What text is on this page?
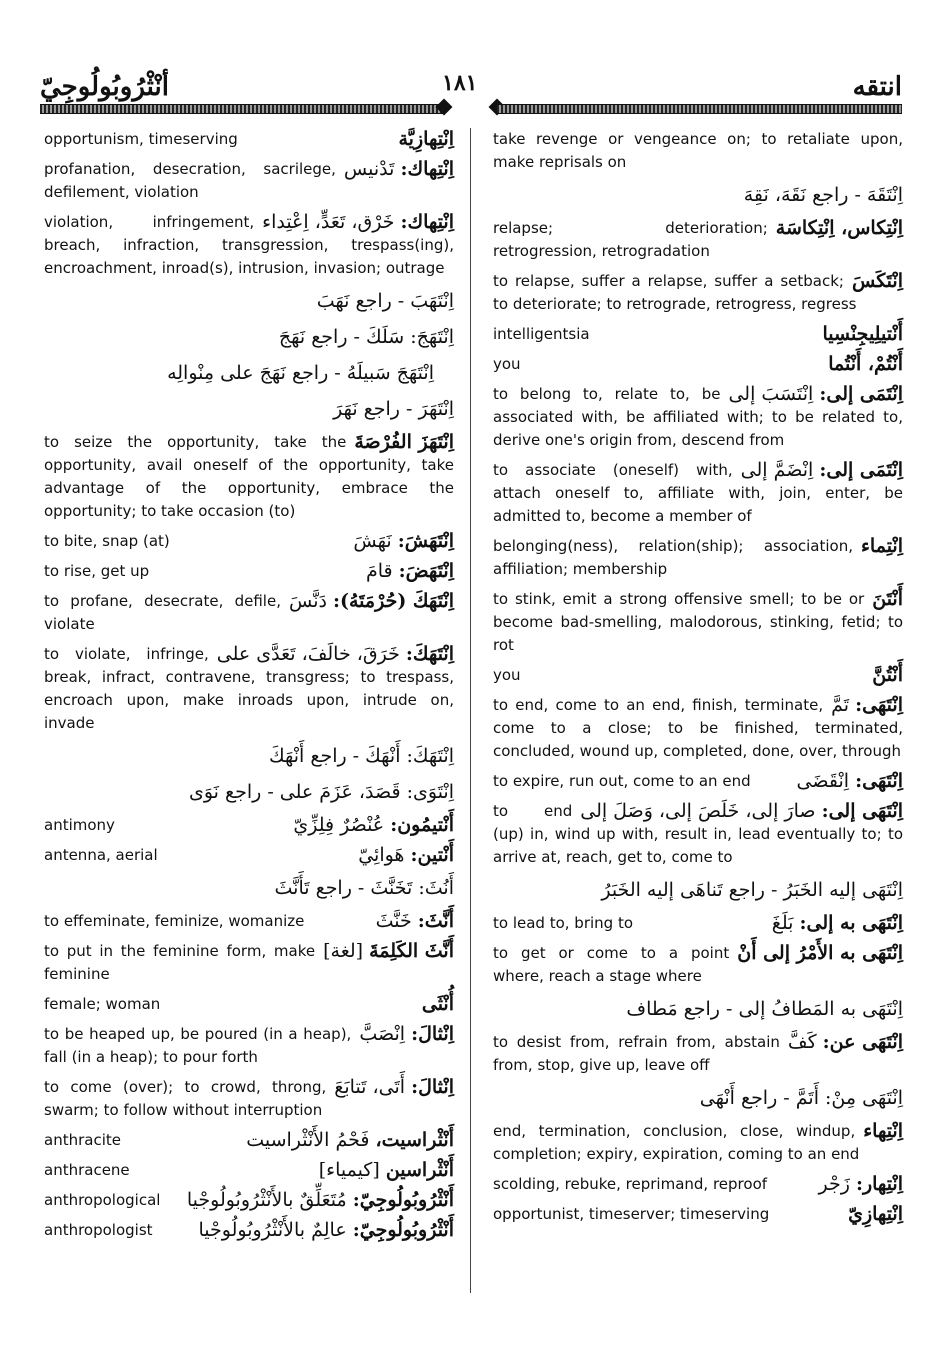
أنْثْرُوبُولُوجِيّ	١٨١	انتقه
اِنْتِهازِيَّة
opportunism, timeserving
اِنْتِهاك: تَدْنيس
profanation, desecration, sacrilege, defilement, violation
اِنْتِهاك: خَرْق، تَعَدٍّ، اِعْتِداء
violation, infringement, breach, infraction, transgression, trespass(ing), encroachment, inroad(s), intrusion, invasion; outrage
اِنْتَهَبَ - راجع نَهَبَ
اِنْتَهَجَ: سَلَكَ - راجع نَهَجَ
اِنْتَهَجَ سَبيلَهُ - راجع نَهَجَ على مِنْوالِه
اِنْتَهَرَ - راجع نَهَرَ
اِنْتَهَزَ الفُرْصَةَ
to seize the opportunity, take the opportunity, avail oneself of the opportunity, take advantage of the opportunity, embrace the opportunity; to take occasion (to)
اِنْتَهَشَ: نَهَشَ
to bite, snap (at)
اِنْتَهَضَ: قامَ
to rise, get up
اِنْتَهَكَ (حُرْمَتَهُ): دَنَّسَ
to profane, desecrate, defile, violate
اِنْتَهَكَ: خَرَقَ، خالَفَ، تَعَدَّى على
to violate, infringe, break, infract, contravene, transgress; to trespass, encroach upon, make inroads upon, intrude on, invade
اِنْتَهَكَ: أَنْهَكَ - راجع أَنْهَكَ
اِنْتَوَى: قَصَدَ، عَزَمَ على - راجع نَوَى
أَنْتيمُون: عُنْصُرٌ فِلِزِّيّ
antimony
أَنْتين: هَوائِيّ
antenna, aerial
أَنُثَ: تَخَنَّثَ - راجع تَأَنَّثَ
أَنَّثَ: خَنَّثَ
to effeminate, feminize, womanize
أَنَّثَ الكَلِمَةَ [لغة]
to put in the feminine form, make feminine
أُنْثَى
female; woman
اِنْثالَ: اِنْصَبَّ
to be heaped up, be poured (in a heap), fall (in a heap); to pour forth
اِنْثالَ: أَتَى، تَتابَعَ
to come (over); to crowd, throng, swarm; to follow without interruption
أَنْثْراسيت، فَحْمُ الأَنْثْراسيت
anthracite
أَنْثْراسين [كيمياء]
anthracene
أَنْثْرُوبُولُوجِيّ: مُتَعَلِّقٌ بالأَنْثْرُوبُولُوجْيا
anthropological
أَنْثْرُوبُولُوجِيّ: عالِمٌ بالأَنْثْرُوبُولُوجْيا
anthropologist
take revenge or vengeance on; to retaliate upon, make reprisals on
اِنْتَقَهَ - راجع نَقَهَ، نَقِهَ
اِنْتِكاس، اِنْتِكاسَة
relapse; deterioration; retrogression, retrogradation
اِنْتَكَسَ
to relapse, suffer a relapse, suffer a setback; to deteriorate; to retrograde, retrogress, regress
أَنْتيلِيجِنْسِيا
intelligentsia
أَنْتُمْ، أَنْتُما
you
اِنْتَمَى إلى: اِنْتَسَبَ إلى
to belong to, relate to, be associated with, be affiliated with; to be related to, derive one's origin from, descend from
اِنْتَمَى إلى: اِنْضَمَّ إلى
to associate (oneself) with, attach oneself to, affiliate with, join, enter, be admitted to, become a member of
اِنْتِماء
belonging(ness), relation(ship); association, affiliation; membership
أَنْتَنَ
to stink, emit a strong offensive smell; to be or become bad-smelling, malodorous, stinking, fetid; to rot
أَنْتُنَّ
you
اِنْتَهَى: تَمَّ
to end, come to an end, finish, terminate, come to a close; to be finished, terminated, concluded, wound up, completed, done, over, through
اِنْتَهَى: اِنْقَضَى
to expire, run out, come to an end
اِنْتَهَى إلى: صارَ إلى، خَلَصَ إلى، وَصَلَ إلى
to end (up) in, wind up with, result in, lead eventually to; to arrive at, reach, get to, come to
اِنْتَهَى إليه الخَبَرُ - راجع تَناهَى إليه الخَبَرُ
اِنْتَهَى به إلى: بَلَغَ
to lead to, bring to
اِنْتَهَى به الأَمْرُ إلى أَنْ
to get or come to a point where, reach a stage where
اِنْتَهَى به المَطافُ إلى - راجع مَطاف
اِنْتَهَى عن: كَفَّ
to desist from, refrain from, abstain from, stop, give up, leave off
اِنْتَهَى مِنْ: أَتَمَّ - راجع أَنْهَى
اِنْتِهاء
end, termination, conclusion, close, windup, completion; expiry, expiration, coming to an end
اِنْتِهار: زَجْر
scolding, rebuke, reprimand, reproof
اِنْتِهازِيّ
opportunist, timeserver; timeserving
